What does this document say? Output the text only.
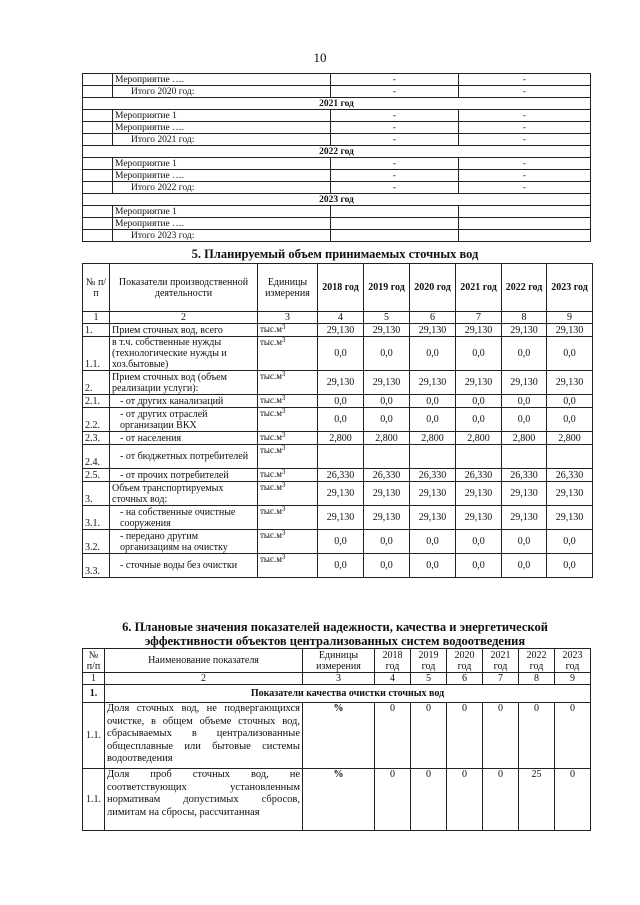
10
	Мероприятие ….	-	-
	Итого 2020 год:	-	-
2021 год			
	Мероприятие 1	-	-
	Мероприятие ….	-	-
	Итого 2021 год:	-	-
2022 год			
	Мероприятие 1	-	-
	Мероприятие ….	-	-
	Итого 2022 год:	-	-
2023 год			
	Мероприятие 1		
	Мероприятие ….		
	Итого 2023 год:		
5. Планируемый объем принимаемых сточных вод
№ п/п	Показатели производственной деятельности	Единицы измерения	2018 год	2019 год	2020 год	2021 год	2022 год	2023 год
1	2	3	4	5	6	7	8	9
1.	Прием сточных вод, всего	$тыс.м^3$	29,130	29,130	29,130	29,130	29,130	29,130
1.1.	в т.ч. собственные нужды (технологические нужды и хоз.бытовые)	$тыс.м^3$	0,0	0,0	0,0	0,0	0,0	0,0
2.	Прием сточных вод (объем реализации услуги):	$тыс.м^3$	29,130	29,130	29,130	29,130	29,130	29,130
2.1.	- от других канализаций	$тыс.м^3$	0,0	0,0	0,0	0,0	0,0	0,0
2.2.	- от других отраслей организации ВКХ	$тыс.м^3$	0,0	0,0	0,0	0,0	0,0	0,0
2.3.	- от населения	$тыс.м^3$	2,800	2,800	2,800	2,800	2,800	2,800
2.4.	- от бюджетных потребителей	$тыс.м^3$						
2.5.	- от прочих потребителей	$тыс.м^3$	26,330	26,330	26,330	26,330	26,330	26,330
3.	Объем транспортируемых сточных вод:	$тыс.м^3$	29,130	29,130	29,130	29,130	29,130	29,130
3.1.	- на собственные очистные сооружения	$тыс.м^3$	29,130	29,130	29,130	29,130	29,130	29,130
3.2.	- передано другим организациям на очистку	$тыс.м^3$	0,0	0,0	0,0	0,0	0,0	0,0
3.3.	- сточные воды без очистки	$тыс.м^3$	0,0	0,0	0,0	0,0	0,0	0,0
6. Плановые значения показателей надежности, качества и энергетической
эффективности объектов централизованных систем водоотведения
№ п/п	Наименование показателя	Единицы измерения	2018 год	2019 год	2020 год	2021 год	2022 год	2023 год
1	2	3	4	5	6	7	8	9
1.	Показатели качества очистки сточных вод							
1.1.	Доля сточных вод, не подвергающихся очистке, в общем объеме сточных вод, сбрасываемых в централизованные общесплавные или бытовые системы водоотведения	%	0	0	0	0	0	0
1.1.	Доля проб сточных вод, не соответствующих установленным нормативам допустимых сбросов, лимитам на сбросы, рассчитанная	%	0	0	0	0	25	0
